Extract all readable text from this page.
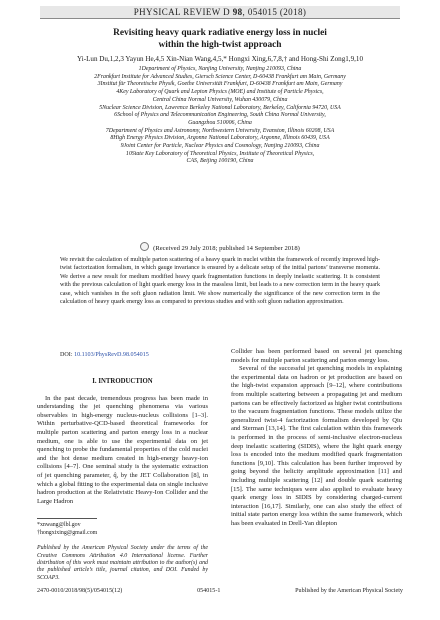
PHYSICAL REVIEW D 98, 054015 (2018)
Revisiting heavy quark radiative energy loss in nuclei
within the high-twist approach
Yi-Lun Du,1,2,3 Yayun He,4,5 Xin-Nian Wang,4,5,* Hongxi Xing,6,7,8,† and Hong-Shi Zong1,9,10
1Department of Physics, Nanjing University, Nanjing 210093, China
2Frankfurt Institute for Advanced Studies, Giersch Science Center, D-60438 Frankfurt am Main, Germany
3Institut für Theoretische Physik, Goethe Universität Frankfurt, D-60438 Frankfurt am Main, Germany
4Key Laboratory of Quark and Lepton Physics (MOE) and Institute of Particle Physics,
Central China Normal University, Wuhan 430079, China
5Nuclear Science Division, Lawrence Berkeley National Laboratory, Berkeley, California 94720, USA
6School of Physics and Telecommunication Engineering, South China Normal University,
Guangzhou 510006, China
7Department of Physics and Astronomy, Northwestern University, Evanston, Illinois 60208, USA
8High Energy Physics Division, Argonne National Laboratory, Argonne, Illinois 60439, USA
9Joint Center for Particle, Nuclear Physics and Cosmology, Nanjing 210093, China
10State Key Laboratory of Theoretical Physics, Institute of Theoretical Physics,
CAS, Beijing 100190, China
(Received 29 July 2018; published 14 September 2018)
We revisit the calculation of multiple parton scattering of a heavy quark in nuclei within the framework of recently improved high-twist factorization formalism, in which gauge invariance is ensured by a delicate setup of the initial partons’ transverse momenta. We derive a new result for medium modified heavy quark fragmentation functions in deeply inelastic scattering. It is consistent with the previous calculation of light quark energy loss in the massless limit, but leads to a new correction term in the heavy quark case, which vanishes in the soft gluon radiation limit. We show numerically the significance of the new correction term in the calculation of heavy quark energy loss as compared to previous studies and with soft gluon radiation approximation.
DOI: 10.1103/PhysRevD.98.054015
I. INTRODUCTION

In the past decade, tremendous progress has been made in understanding the jet quenching phenomena via various observables in high-energy nucleus-nucleus collisions [1–3]. Within perturbative-QCD-based theoretical frameworks for multiple parton scattering and parton energy loss in a nuclear medium, one is able to use the experimental data on jet quenching to probe the fundamental properties of the cold nuclei and the hot dense medium created in high-energy heavy-ion collisions [4–7]. One seminal study is the systematic extraction of jet quenching parameter, q̂, by the JET Collaboration [8], in which a global fitting to the experimental data on single inclusive hadron production at the Relativistic Heavy-Ion Collider and the Large Hadron

*xnwang@lbl.gov
†hongxixing@gmail.com
Published by the American Physical Society under the terms of the Creative Commons Attribution 4.0 International license. Further distribution of this work must maintain attribution to the author(s) and the published article’s title, journal citation, and DOI. Funded by SCOAP3.

Collider has been performed based on several jet quenching models for multiple parton scattering and parton energy loss.

Several of the successful jet quenching models in explaining the experimental data on hadron or jet production are based on the high-twist expansion approach [9–12], where contributions from multiple scattering between a propagating jet and medium partons can be effectively factorized as higher twist contributions to the vacuum fragmentation functions. These models utilize the generalized twist-4 factorization formalism developed by Qiu and Sterman [13,14]. The first calculation within this framework is performed in the process of semi-inclusive electron-nucleus deep inelastic scattering (SIDIS), where the light quark energy loss is encoded into the medium modified quark fragmentation functions [9,10]. This calculation has been further improved by going beyond the helicity amplitude approximation [11] and including multiple scattering [12] and double quark scattering [15]. The same techniques were also applied to evaluate heavy quark energy loss in SIDIS by considering charged-current interaction [16,17]. Similarly, one can also study the effect of initial state parton energy loss within the same framework, which has been evaluated in Drell-Yan dilepton

2470-0010/2018/98(5)/054015(12)	054015-1	Published by the American Physical Society
